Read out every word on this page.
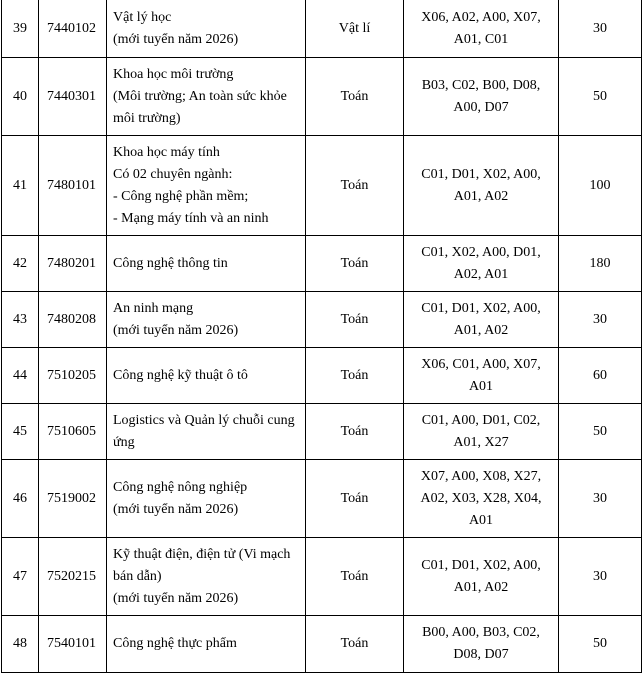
39	7440102	Vật lý học
(mới tuyển năm 2026)	Vật lí	X06, A02, A00, X07,
A01, C01	30
40	7440301	Khoa học môi trường
(Môi trường; An toàn sức khỏe
môi trường)	Toán	B03, C02, B00, D08,
A00, D07	50
41	7480101	Khoa học máy tính
Có 02 chuyên ngành:
- Công nghệ phần mềm;
- Mạng máy tính và an ninh	Toán	C01, D01, X02, A00,
A01, A02	100
42	7480201	Công nghệ thông tin	Toán	C01, X02, A00, D01,
A02, A01	180
43	7480208	An ninh mạng
(mới tuyển năm 2026)	Toán	C01, D01, X02, A00,
A01, A02	30
44	7510205	Công nghệ kỹ thuật ô tô	Toán	X06, C01, A00, X07,
A01	60
45	7510605	Logistics và Quản lý chuỗi cung
ứng	Toán	C01, A00, D01, C02,
A01, X27	50
46	7519002	Công nghệ nông nghiệp
(mới tuyển năm 2026)	Toán	X07, A00, X08, X27,
A02, X03, X28, X04,
A01	30
47	7520215	Kỹ thuật điện, điện tử (Vi mạch
bán dẫn)
(mới tuyển năm 2026)	Toán	C01, D01, X02, A00,
A01, A02	30
48	7540101	Công nghệ thực phẩm	Toán	B00, A00, B03, C02,
D08, D07	50
